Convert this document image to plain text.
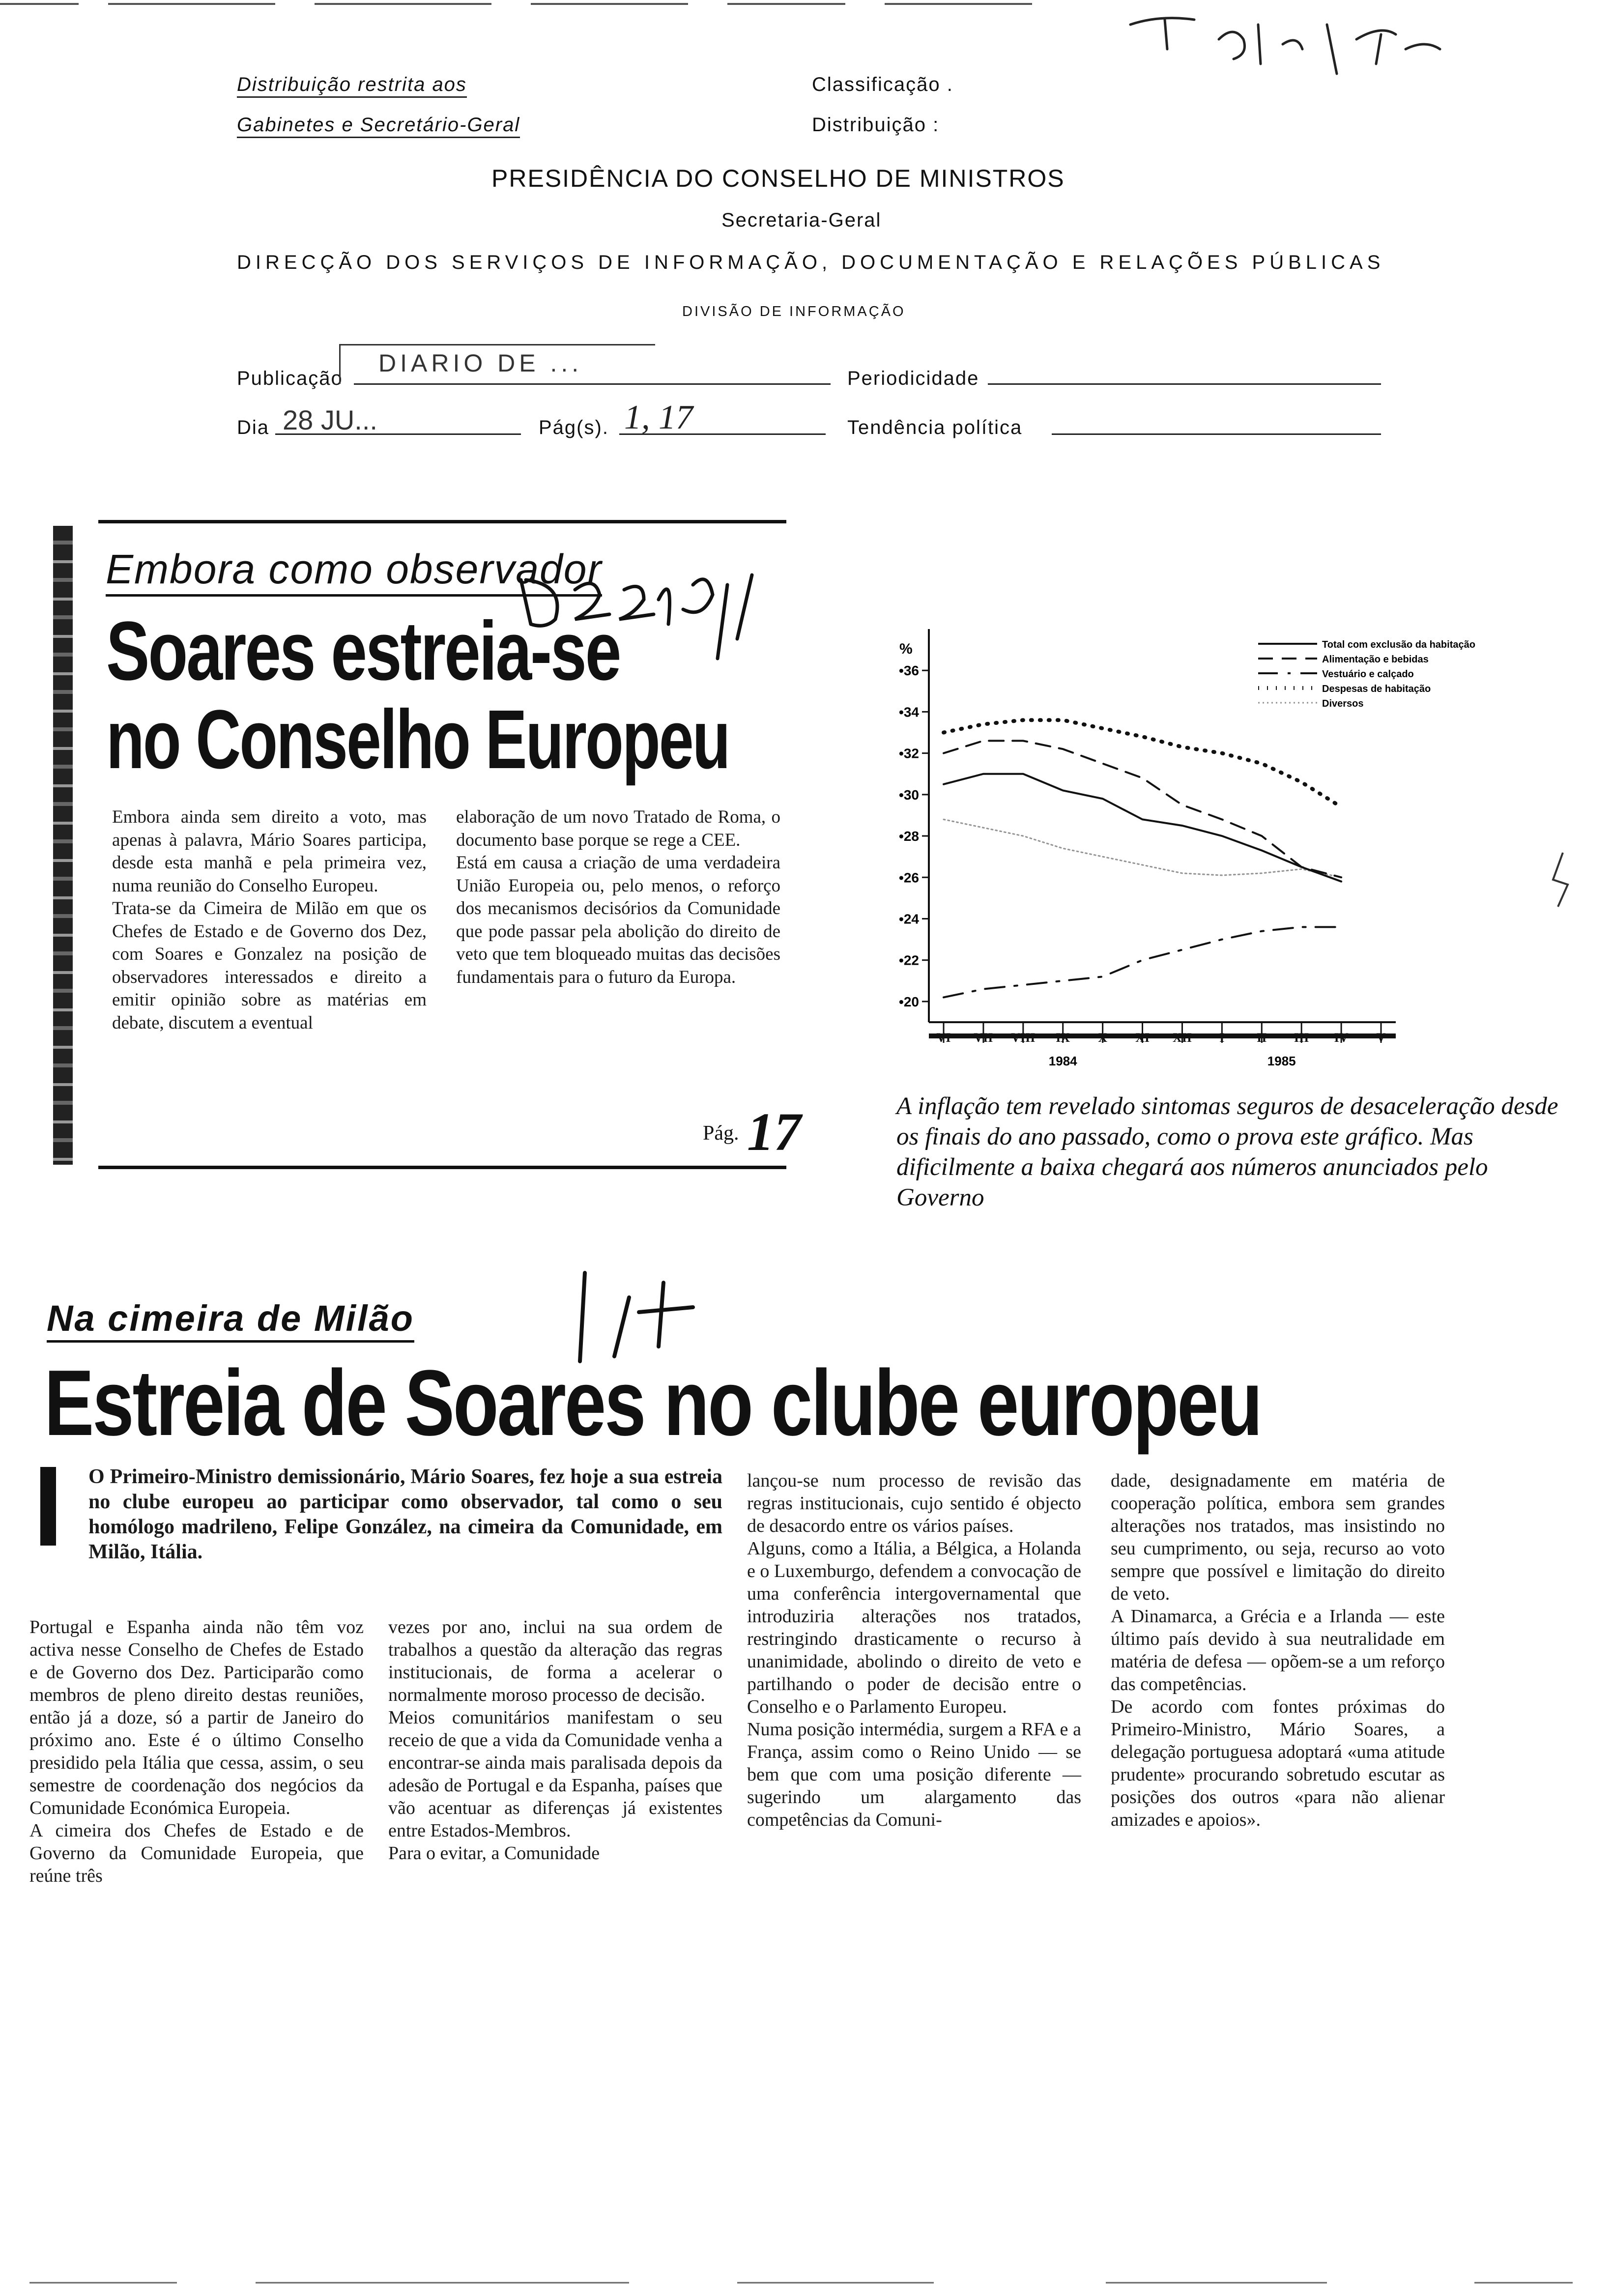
Distribuição restrita aos
Gabinetes e Secretário-Geral
Classificação .
Distribuição :
PRESIDÊNCIA DO CONSELHO DE MINISTROS
Secretaria-Geral
DIRECÇÃO DOS SERVIÇOS DE INFORMAÇÃO, DOCUMENTAÇÃO E RELAÇÕES PÚBLICAS
DIVISÃO DE INFORMAÇÃO
Publicação
DIARIO DE ...
Periodicidade
Dia 28 JU...	Pág(s). 1, 17	Tendência política
Embora como observador
Soares estreia-se
no Conselho Europeu
Embora ainda sem direito a voto, mas apenas à palavra, Mário Soares participa, desde esta manhã e pela primeira vez, numa reunião do Conselho Europeu.
Trata-se da Cimeira de Milão em que os Chefes de Estado e de Governo dos Dez, com Soares e Gonzalez na posição de observadores interessados e direito a emitir opinião sobre as matérias em debate, discutem a eventual
elaboração de um novo Tratado de Roma, o documento base porque se rege a CEE.
Está em causa a criação de uma verdadeira União Europeia ou, pelo menos, o reforço dos mecanismos decisórios da Comunidade que pode passar pela abolição do direito de veto que tem bloqueado muitas das decisões fundamentais para o futuro da Europa.
Pág. 17
%
•20
•22
•24
•26
•28
•30
•32
•34
•36
VI VII VIII IX X XI XII I	II III IV V
1984	1985
Total com exclusão da habitação
Alimentação e bebidas
Vestuário e calçado
Despesas de habitação
Diversos
A inflação tem revelado sintomas seguros de desaceleração desde os finais do ano passado, como o prova este gráfico. Mas dificilmente a baixa chegará aos números anunciados pelo Governo
Na cimeira de Milão
Estreia de Soares no clube europeu
O Primeiro-Ministro demissionário, Mário Soares, fez hoje a sua estreia no clube europeu ao participar como observador, tal como o seu homólogo madrileno, Felipe González, na cimeira da Comunidade, em Milão, Itália.
Portugal e Espanha ainda não têm voz activa nesse Conselho de Chefes de Estado e de Governo dos Dez. Participarão como membros de pleno direito destas reuniões, então já a doze, só a partir de Janeiro do próximo ano. Este é o último Conselho presidido pela Itália que cessa, assim, o seu semestre de coordenação dos negócios da Comunidade Económica Europeia.
A cimeira dos Chefes de Estado e de Governo da Comunidade Europeia, que reúne três
vezes por ano, inclui na sua ordem de trabalhos a questão da alteração das regras institucionais, de forma a acelerar o normalmente moroso processo de decisão.
Meios comunitários manifestam o seu receio de que a vida da Comunidade venha a encontrar-se ainda mais paralisada depois da adesão de Portugal e da Espanha, países que vão acentuar as diferenças já existentes entre Estados-Membros.
Para o evitar, a Comunidade
lançou-se num processo de revisão das regras institucionais, cujo sentido é objecto de desacordo entre os vários países.
Alguns, como a Itália, a Bélgica, a Holanda e o Luxemburgo, defendem a convocação de uma conferência intergovernamental que introduziria alterações nos tratados, restringindo drasticamente o recurso à unanimidade, abolindo o direito de veto e partilhando o poder de decisão entre o Conselho e o Parlamento Europeu.
Numa posição intermédia, surgem a RFA e a França, assim como o Reino Unido — se bem que com uma posição diferente — sugerindo um alargamento das competências da Comuni-
dade, designadamente em matéria de cooperação política, embora sem grandes alterações nos tratados, mas insistindo no seu cumprimento, ou seja, recurso ao voto sempre que possível e limitação do direito de veto.
A Dinamarca, a Grécia e a Irlanda — este último país devido à sua neutralidade em matéria de defesa — opõem-se a um reforço das competências.
De acordo com fontes próximas do Primeiro-Ministro, Mário Soares, a delegação portuguesa adoptará «uma atitude prudente» procurando sobretudo escutar as posições dos outros «para não alienar amizades e apoios».
